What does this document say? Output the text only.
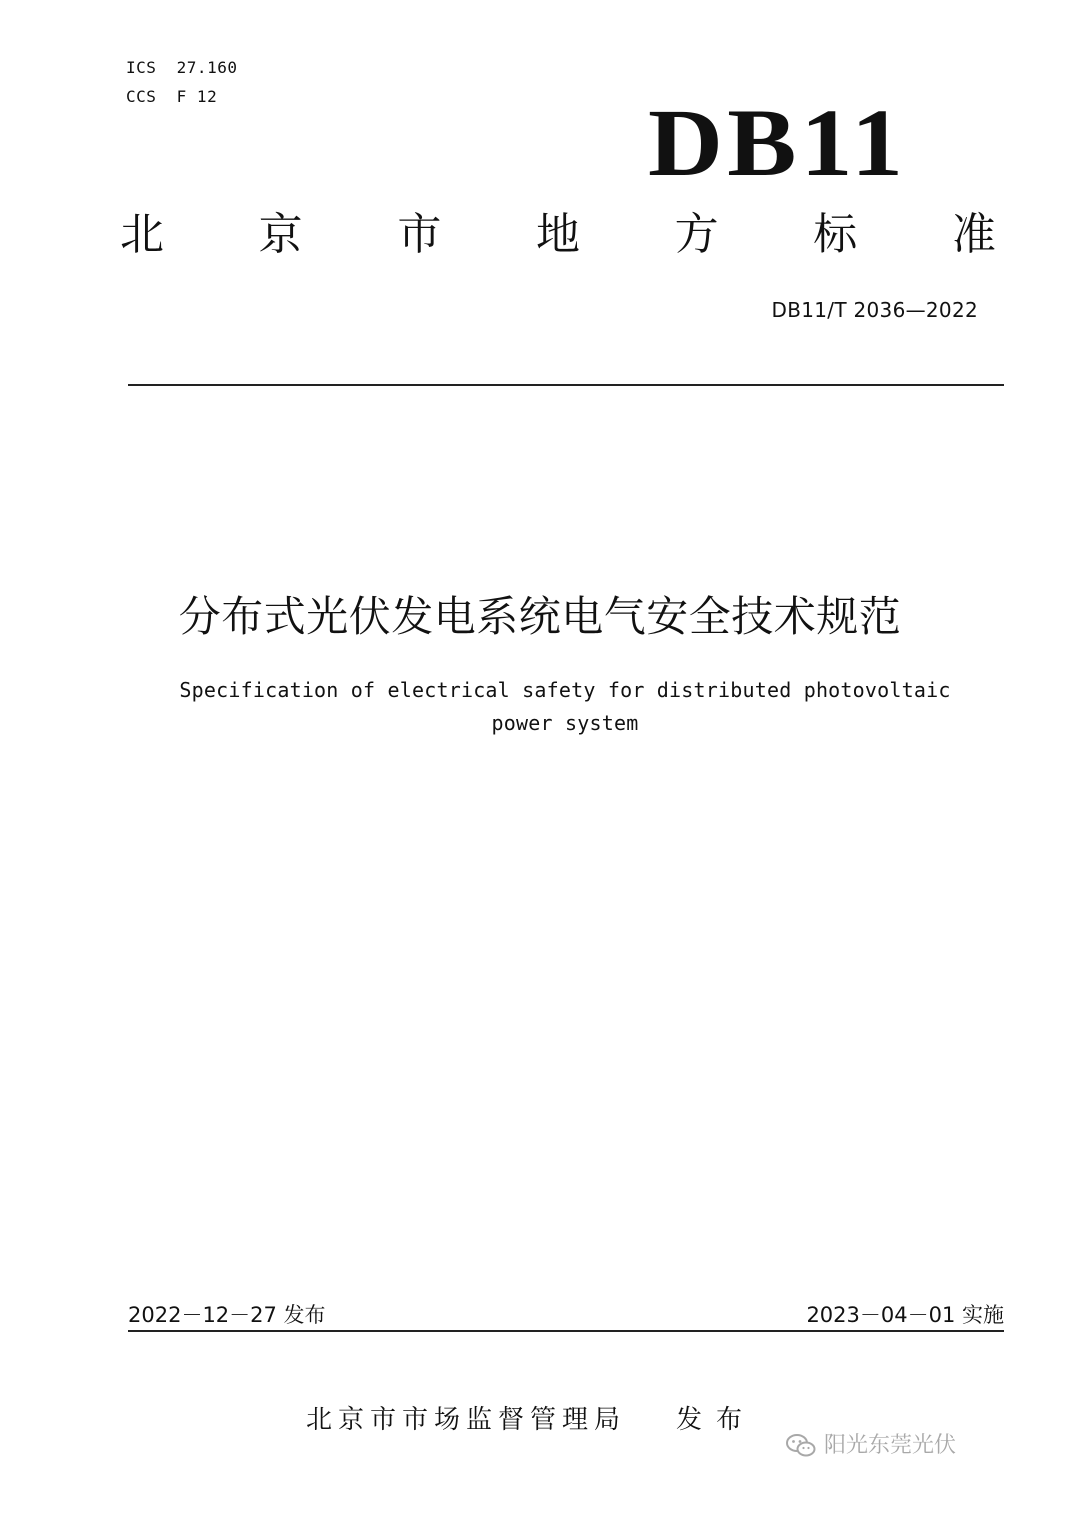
ICS  27.160
CCS  F 12	DB11
北 京 市 地 方 标 准
DB11/T 2036—2022
分布式光伏发电系统电气安全技术规范
Specification of electrical safety for distributed photovoltaic
power system
2022－12－27 发布	2023－04－01 实施
北京市市场监督管理局 发布
阳光东莞光伏
